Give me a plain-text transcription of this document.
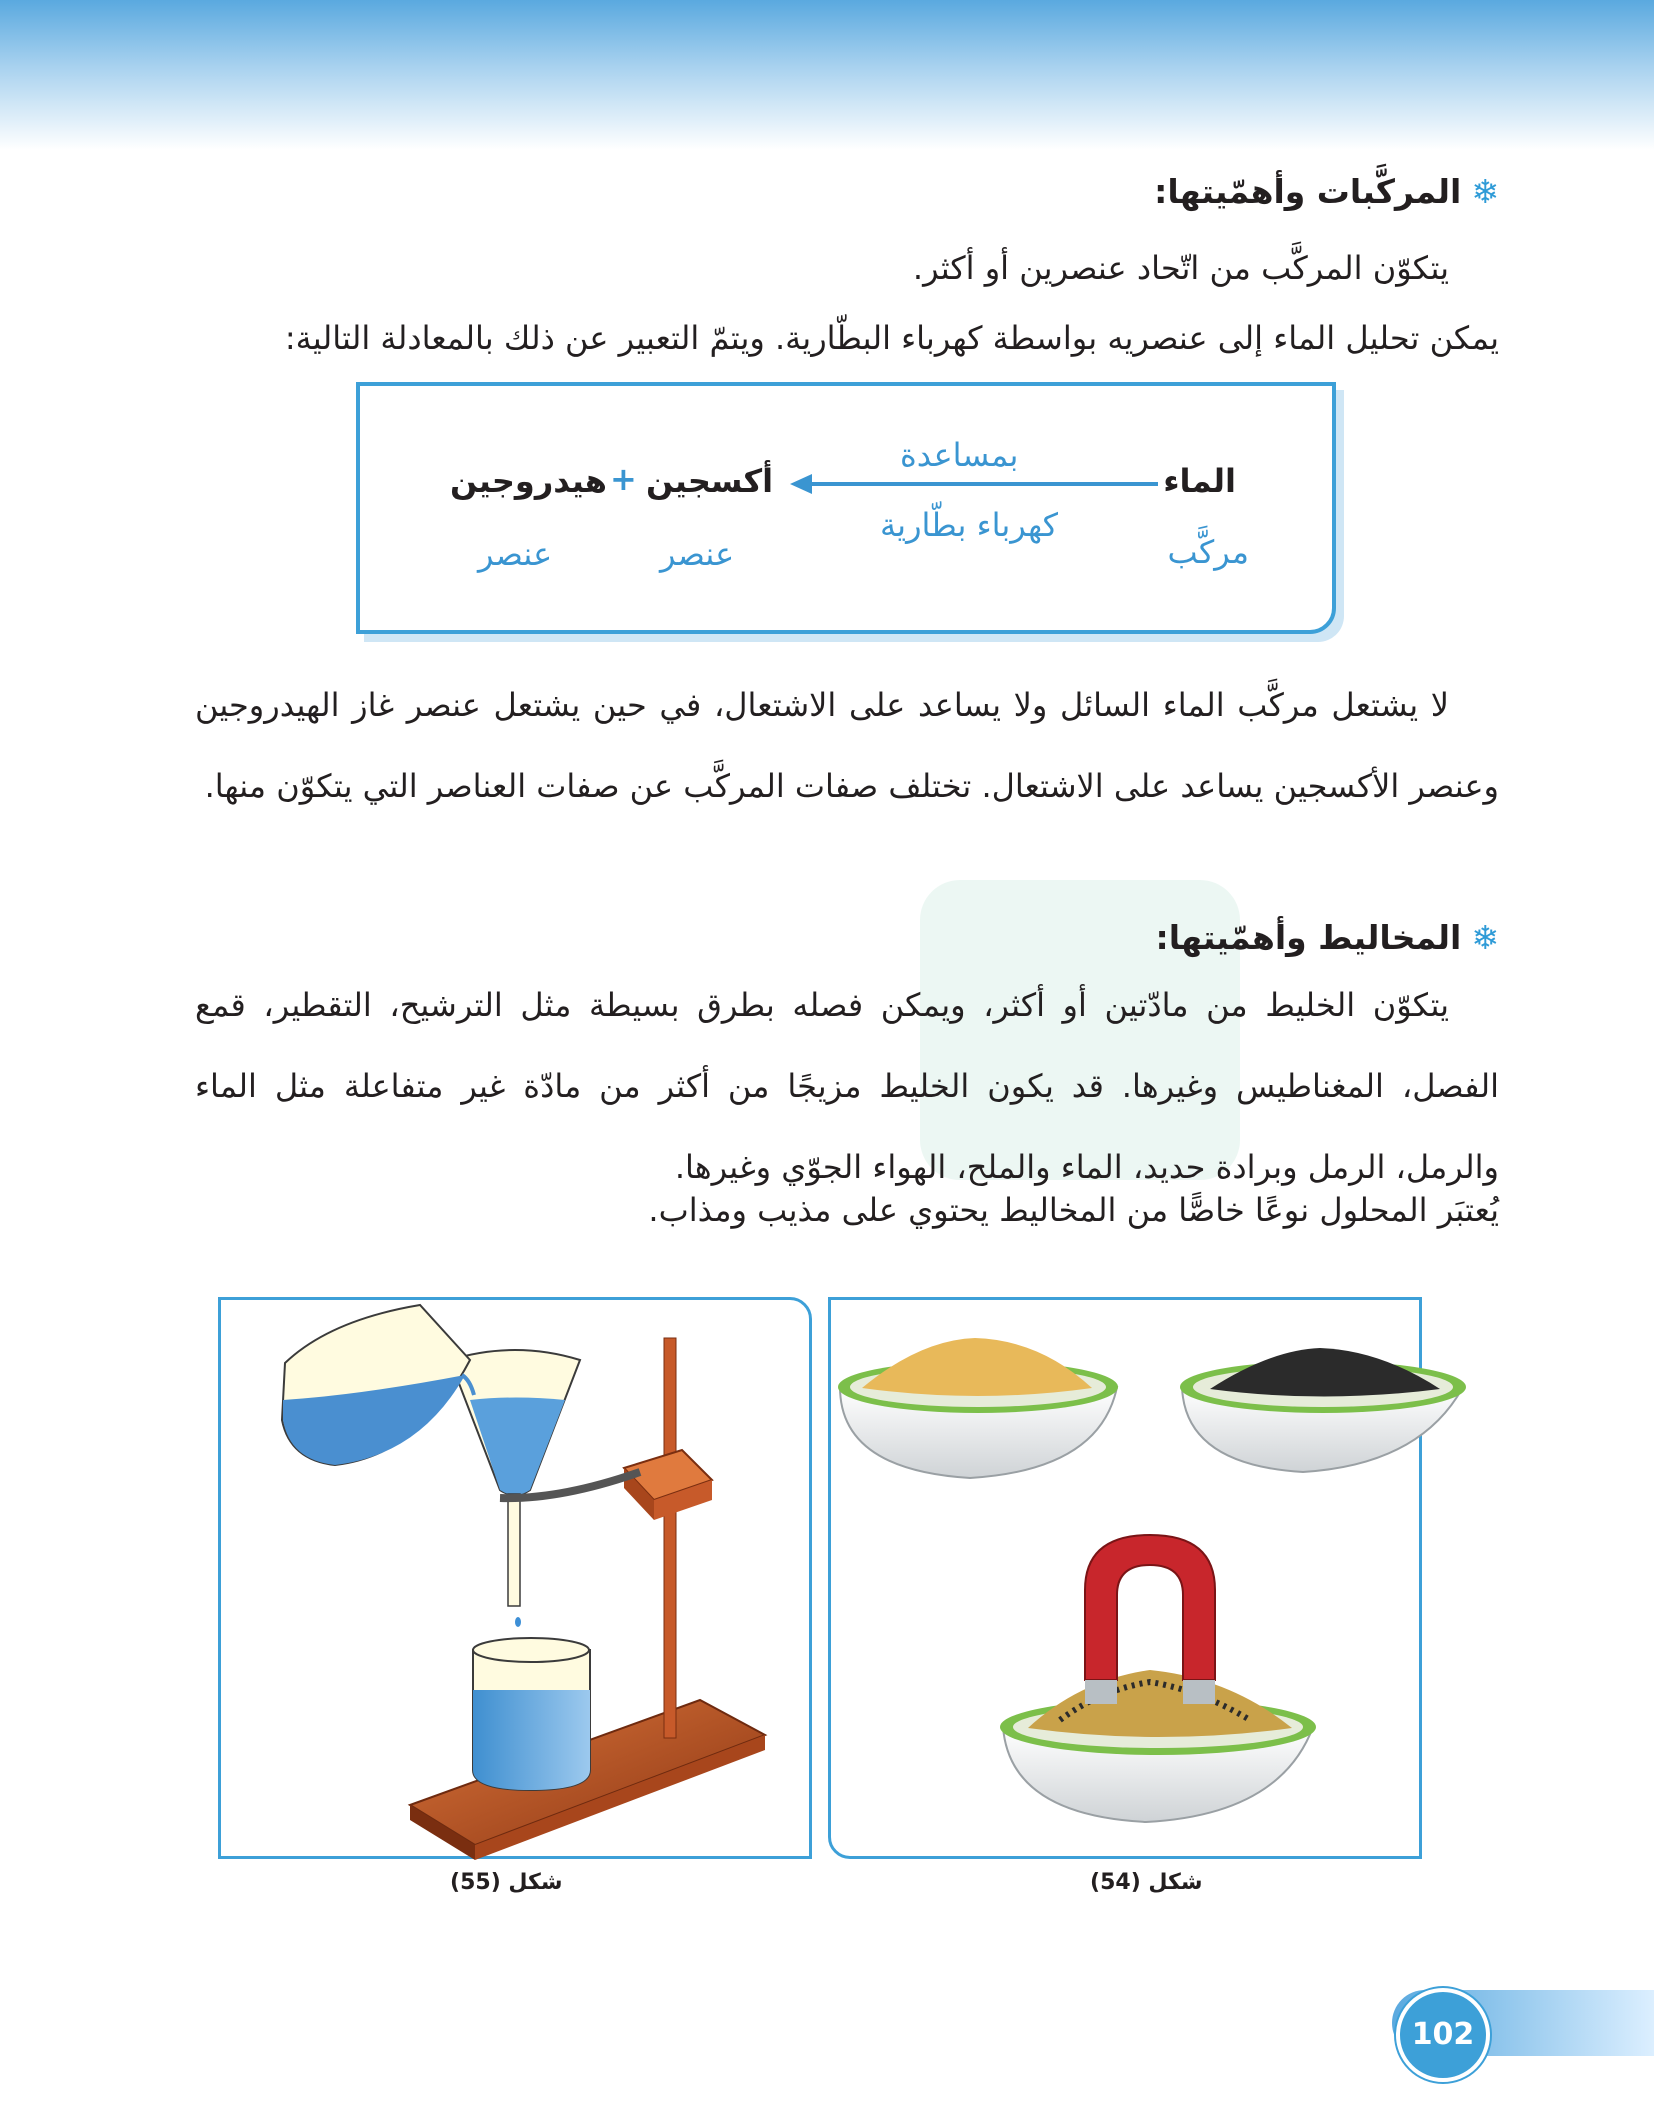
❄المركَّبات وأهمّيتها:
يتكوّن المركَّب من اتّحاد عنصرين أو أكثر.
يمكن تحليل الماء إلى عنصريه بواسطة كهرباء البطّارية. ويتمّ التعبير عن ذلك بالمعادلة التالية:
الماء
مركَّب
بمساعدة
كهرباء بطّارية
أكسجين
+
هيدروجين
عنصر
عنصر
لا يشتعل مركَّب الماء السائل ولا يساعد على الاشتعال، في حين يشتعل عنصر غاز الهيدروجين وعنصر الأكسجين يساعد على الاشتعال. تختلف صفات المركَّب عن صفات العناصر التي يتكوّن منها.
❄المخاليط وأهمّيتها:
يتكوّن الخليط من مادّتين أو أكثر، ويمكن فصله بطرق بسيطة مثل الترشيح، التقطير، قمع الفصل، المغناطيس وغيرها. قد يكون الخليط مزيجًا من أكثر من مادّة غير متفاعلة مثل الماء والرمل، الرمل وبرادة حديد، الماء والملح، الهواء الجوّي وغيرها.
يُعتبَر المحلول نوعًا خاصًّا من المخاليط يحتوي على مذيب ومذاب.
شكل (54)
شكل (55)
102
